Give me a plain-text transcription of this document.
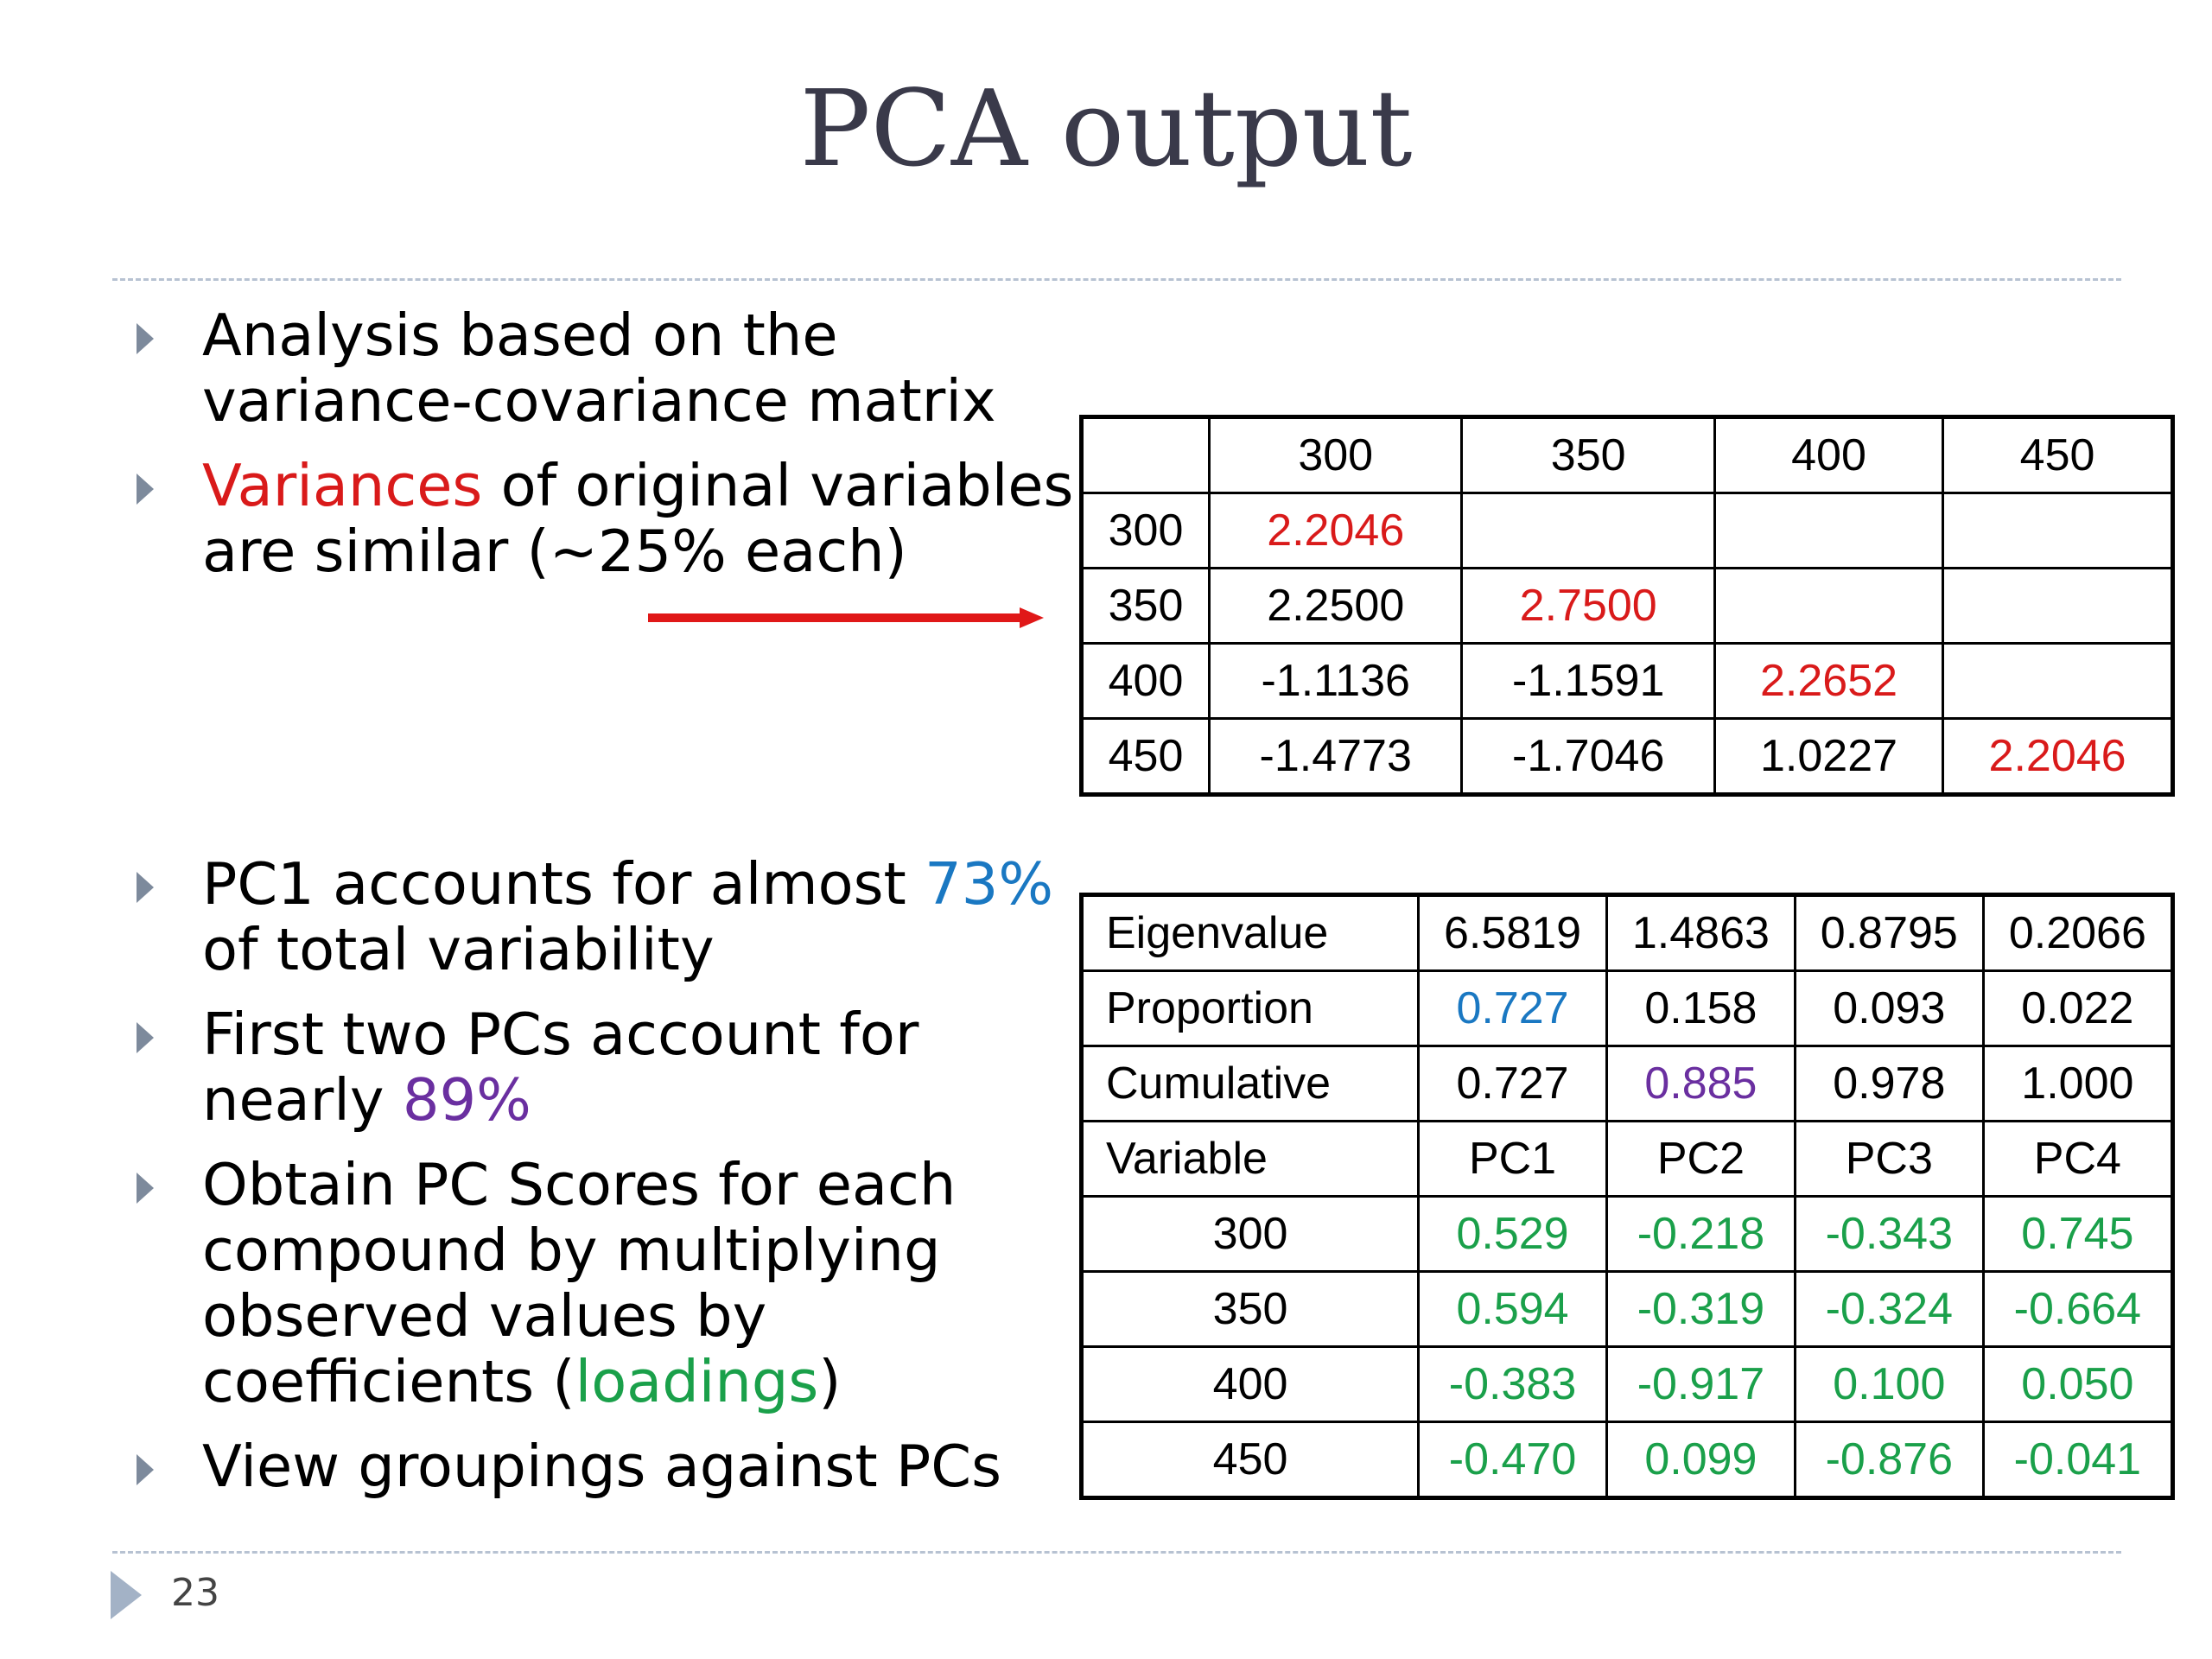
PCA output
Analysis based on the variance-covariance matrix
Variances of original variables are similar (~25% each)
	300	350	400	450
300	2.2046			
350	2.2500	2.7500		
400	-1.1136	-1.1591	2.2652	
450	-1.4773	-1.7046	1.0227	2.2046
PC1 accounts for almost 73% of total variability
First two PCs account for nearly 89%
Obtain PC Scores for each compound by multiplying observed values by coefficients (loadings)
View groupings against PCs
Eigenvalue	6.5819	1.4863	0.8795	0.2066
Proportion	0.727	0.158	0.093	0.022
Cumulative	0.727	0.885	0.978	1.000
Variable	PC1	PC2	PC3	PC4
300	0.529	-0.218	-0.343	0.745
350	0.594	-0.319	-0.324	-0.664
400	-0.383	-0.917	0.100	0.050
450	-0.470	0.099	-0.876	-0.041
23
